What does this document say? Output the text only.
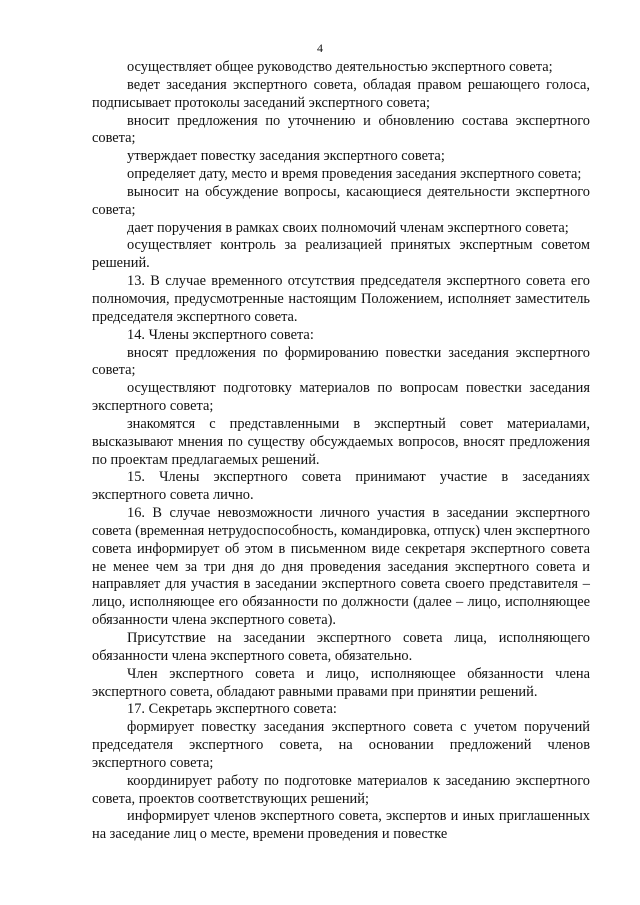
4

осуществляет общее руководство деятельностью экспертного совета;

ведет заседания экспертного совета, обладая правом решающего голоса, подписывает протоколы заседаний экспертного совета;

вносит предложения по уточнению и обновлению состава экспертного совета;

утверждает повестку заседания экспертного совета;

определяет дату, место и время проведения заседания экспертного совета;

выносит на обсуждение вопросы, касающиеся деятельности экспертного совета;

дает поручения в рамках своих полномочий членам экспертного совета;

осуществляет контроль за реализацией принятых экспертным советом решений.

13. В случае временного отсутствия председателя экспертного совета его полномочия, предусмотренные настоящим Положением, исполняет заместитель председателя экспертного совета.

14. Члены экспертного совета:

вносят предложения по формированию повестки заседания экспертного совета;

осуществляют подготовку материалов по вопросам повестки заседания экспертного совета;

знакомятся с представленными в экспертный совет материалами, высказывают мнения по существу обсуждаемых вопросов, вносят предложения по проектам предлагаемых решений.

15. Члены экспертного совета принимают участие в заседаниях экспертного совета лично.

16. В случае невозможности личного участия в заседании экспертного совета (временная нетрудоспособность, командировка, отпуск) член экспертного совета информирует об этом в письменном виде секретаря экспертного совета не менее чем за три дня до дня проведения заседания экспертного совета и направляет для участия в заседании экспертного совета своего представителя – лицо, исполняющее его обязанности по должности (далее – лицо, исполняющее обязанности члена экспертного совета).

Присутствие на заседании экспертного совета лица, исполняющего обязанности члена экспертного совета, обязательно.

Член экспертного совета и лицо, исполняющее обязанности члена экспертного совета, обладают равными правами при принятии решений.

17. Секретарь экспертного совета:

формирует повестку заседания экспертного совета с учетом поручений председателя экспертного совета, на основании предложений членов экспертного совета;

координирует работу по подготовке материалов к заседанию экспертного совета, проектов соответствующих решений;

информирует членов экспертного совета, экспертов и иных приглашенных на заседание лиц о месте, времени проведения и повестке
